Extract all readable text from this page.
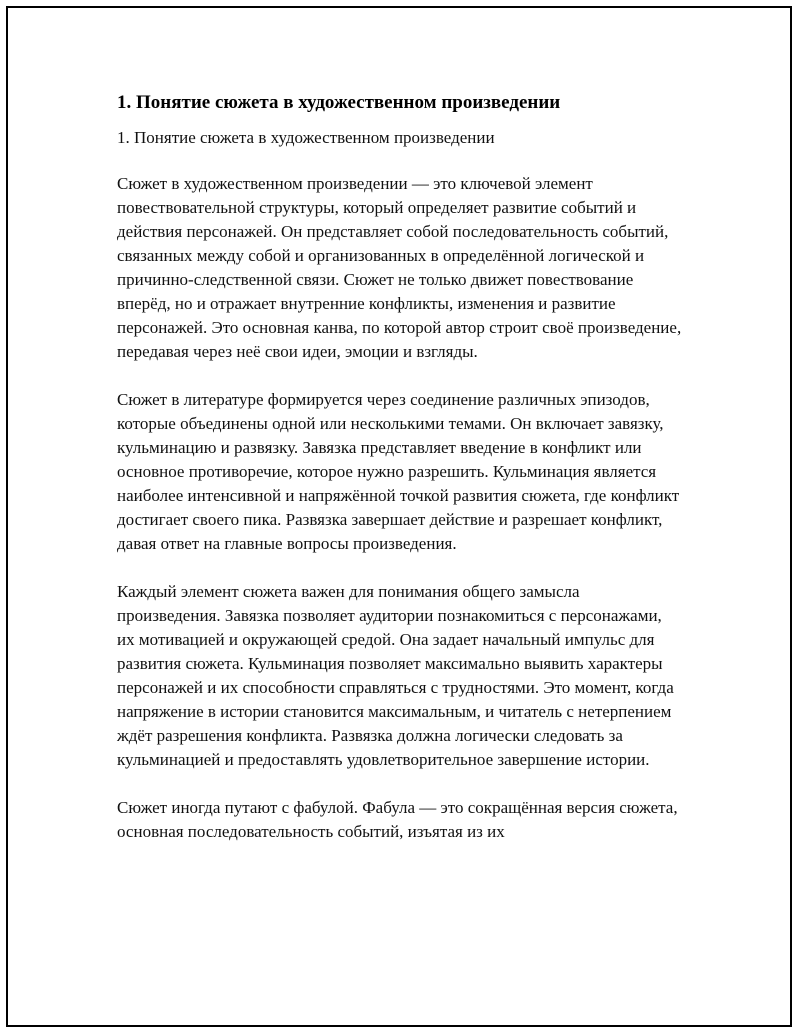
1. Понятие сюжета в художественном произведении

1. Понятие сюжета в художественном произведении

Сюжет в художественном произведении — это ключевой элемент повествовательной структуры, который определяет развитие событий и действия персонажей. Он представляет собой последовательность событий, связанных между собой и организованных в определённой логической и причинно-следственной связи. Сюжет не только движет повествование вперёд, но и отражает внутренние конфликты, изменения и развитие персонажей. Это основная канва, по которой автор строит своё произведение, передавая через неё свои идеи, эмоции и взгляды.

Сюжет в литературе формируется через соединение различных эпизодов, которые объединены одной или несколькими темами. Он включает завязку, кульминацию и развязку. Завязка представляет введение в конфликт или основное противоречие, которое нужно разрешить. Кульминация является наиболее интенсивной и напряжённой точкой развития сюжета, где конфликт достигает своего пика. Развязка завершает действие и разрешает конфликт, давая ответ на главные вопросы произведения.

Каждый элемент сюжета важен для понимания общего замысла произведения. Завязка позволяет аудитории познакомиться с персонажами, их мотивацией и окружающей средой. Она задает начальный импульс для развития сюжета. Кульминация позволяет максимально выявить характеры персонажей и их способности справляться с трудностями. Это момент, когда напряжение в истории становится максимальным, и читатель с нетерпением ждёт разрешения конфликта. Развязка должна логически следовать за кульминацией и предоставлять удовлетворительное завершение истории.

Сюжет иногда путают с фабулой. Фабула — это сокращённая версия сюжета, основная последовательность событий, изъятая из их
